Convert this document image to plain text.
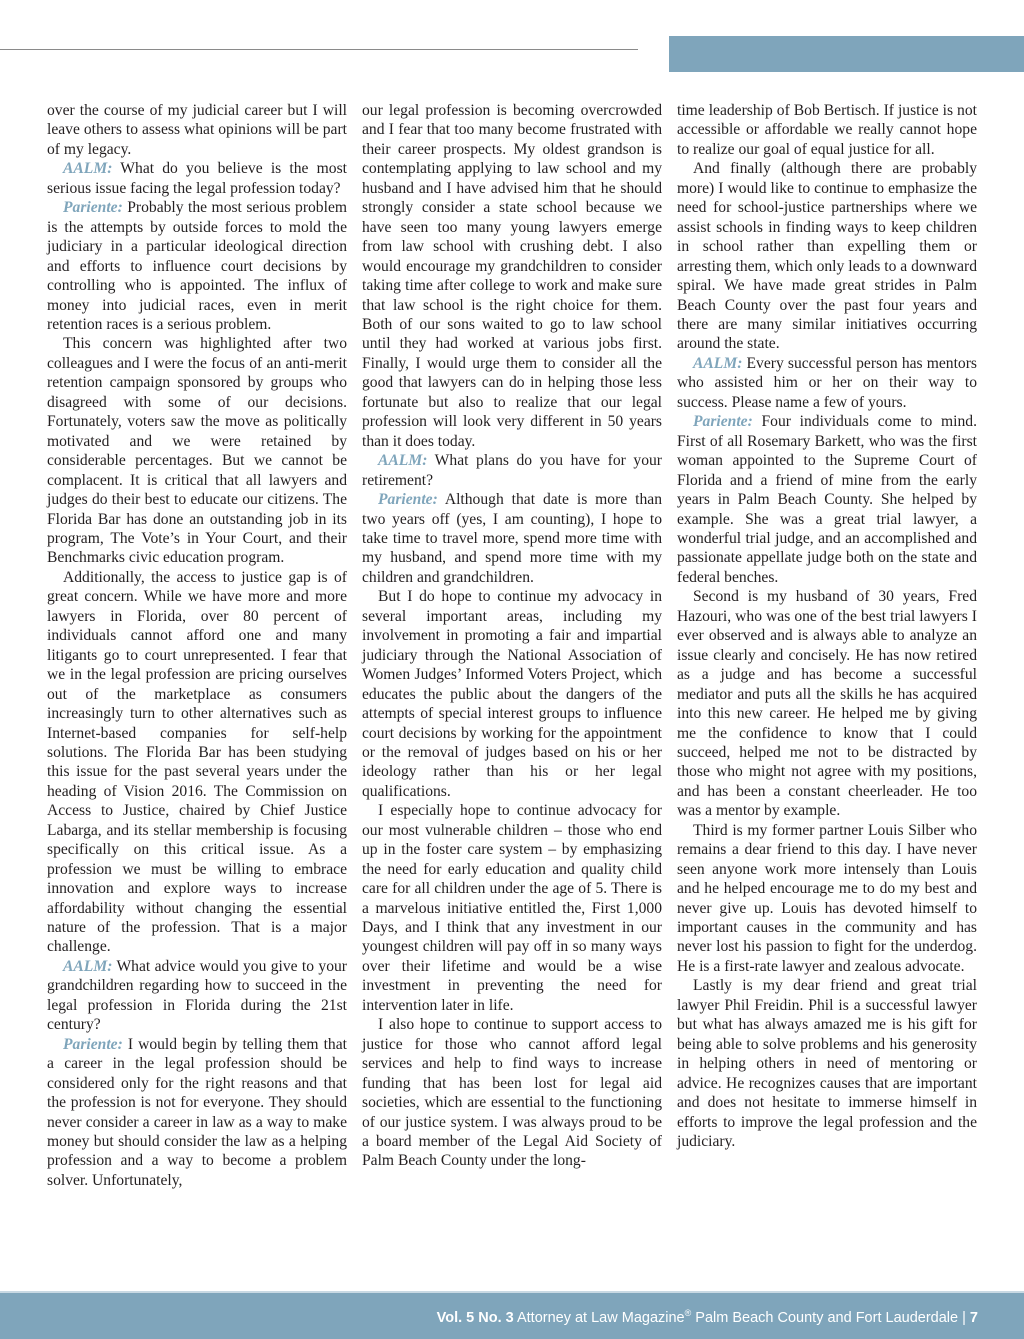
over the course of my judicial career but I will leave others to assess what opinions will be part of my legacy.

AALM: What do you believe is the most serious issue facing the legal profession today?

Pariente: Probably the most serious problem is the attempts by outside forces to mold the judiciary in a particular ideological direction and efforts to influence court decisions by controlling who is appointed. The influx of money into judicial races, even in merit retention races is a serious problem.

This concern was highlighted after two colleagues and I were the focus of an anti-merit retention campaign sponsored by groups who disagreed with some of our decisions. Fortunately, voters saw the move as politically motivated and we were retained by considerable percentages. But we cannot be complacent. It is critical that all lawyers and judges do their best to educate our citizens. The Florida Bar has done an outstanding job in its program, The Vote’s in Your Court, and their Benchmarks civic education program.

Additionally, the access to justice gap is of great concern. While we have more and more lawyers in Florida, over 80 percent of individuals cannot afford one and many litigants go to court unrepresented. I fear that we in the legal profession are pricing ourselves out of the marketplace as consumers increasingly turn to other alternatives such as Internet-based companies for self-help solutions. The Florida Bar has been studying this issue for the past several years under the heading of Vision 2016. The Commission on Access to Justice, chaired by Chief Justice Labarga, and its stellar membership is focusing specifically on this critical issue. As a profession we must be willing to embrace innovation and explore ways to increase affordability without changing the essential nature of the profession. That is a major challenge.

AALM: What advice would you give to your grandchildren regarding how to succeed in the legal profession in Florida during the 21st century?

Pariente: I would begin by telling them that a career in the legal profession should be considered only for the right reasons and that the profession is not for everyone. They should never consider a career in law as a way to make money but should consider the law as a helping profession and a way to become a problem solver. Unfortunately,

our legal profession is becoming overcrowded and I fear that too many become frustrated with their career prospects. My oldest grandson is contemplating applying to law school and my husband and I have advised him that he should strongly consider a state school because we have seen too many young lawyers emerge from law school with crushing debt. I also would encourage my grandchildren to consider taking time after college to work and make sure that law school is the right choice for them. Both of our sons waited to go to law school until they had worked at various jobs first. Finally, I would urge them to consider all the good that lawyers can do in helping those less fortunate but also to realize that our legal profession will look very different in 50 years than it does today.

AALM: What plans do you have for your retirement?

Pariente: Although that date is more than two years off (yes, I am counting), I hope to take time to travel more, spend more time with my husband, and spend more time with my children and grandchildren.

But I do hope to continue my advocacy in several important areas, including my involvement in promoting a fair and impartial judiciary through the National Association of Women Judges’ Informed Voters Project, which educates the public about the dangers of the attempts of special interest groups to influence court decisions by working for the appointment or the removal of judges based on his or her ideology rather than his or her legal qualifications.

I especially hope to continue advocacy for our most vulnerable children – those who end up in the foster care system – by emphasizing the need for early education and quality child care for all children under the age of 5. There is a marvelous initiative entitled the, First 1,000 Days, and I think that any investment in our youngest children will pay off in so many ways over their lifetime and would be a wise investment in preventing the need for intervention later in life.

I also hope to continue to support access to justice for those who cannot afford legal services and help to find ways to increase funding that has been lost for legal aid societies, which are essential to the functioning of our justice system. I was always proud to be a board member of the Legal Aid Society of Palm Beach County under the long-

time leadership of Bob Bertisch. If justice is not accessible or affordable we really cannot hope to realize our goal of equal justice for all.

And finally (although there are probably more) I would like to continue to emphasize the need for school-justice partnerships where we assist schools in finding ways to keep children in school rather than expelling them or arresting them, which only leads to a downward spiral. We have made great strides in Palm Beach County over the past four years and there are many similar initiatives occurring around the state.

AALM: Every successful person has mentors who assisted him or her on their way to success. Please name a few of yours.

Pariente: Four individuals come to mind. First of all Rosemary Barkett, who was the first woman appointed to the Supreme Court of Florida and a friend of mine from the early years in Palm Beach County. She helped by example. She was a great trial lawyer, a wonderful trial judge, and an accomplished and passionate appellate judge both on the state and federal benches.

Second is my husband of 30 years, Fred Hazouri, who was one of the best trial lawyers I ever observed and is always able to analyze an issue clearly and concisely. He has now retired as a judge and has become a successful mediator and puts all the skills he has acquired into this new career. He helped me by giving me the confidence to know that I could succeed, helped me not to be distracted by those who might not agree with my positions, and has been a constant cheerleader. He too was a mentor by example.

Third is my former partner Louis Silber who remains a dear friend to this day. I have never seen anyone work more intensely than Louis and he helped encourage me to do my best and never give up. Louis has devoted himself to important causes in the community and has never lost his passion to fight for the underdog. He is a first-rate lawyer and zealous advocate.

Lastly is my dear friend and great trial lawyer Phil Freidin. Phil is a successful lawyer but what has always amazed me is his gift for being able to solve problems and his generosity in helping others in need of mentoring or advice. He recognizes causes that are important and does not hesitate to immerse himself in efforts to improve the legal profession and the judiciary.

Vol. 5 No. 3 Attorney at Law Magazine® Palm Beach County and Fort Lauderdale | 7
